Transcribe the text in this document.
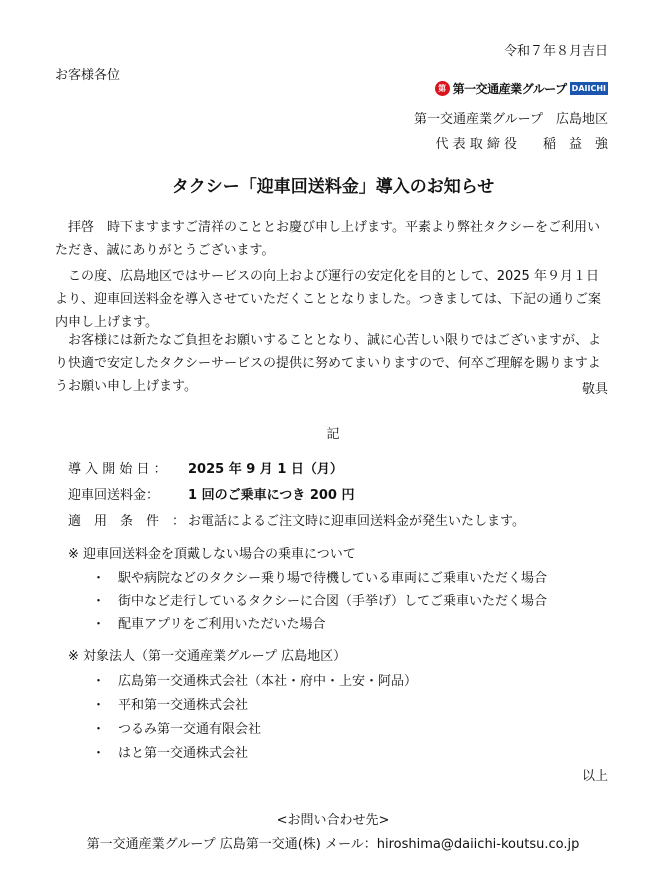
令和７年８月吉日
お客様各位
第 第一交通産業グループ DAIICHI
第一交通産業グループ　広島地区
代 表 取 締 役　　稲　益　強
タクシー「迎車回送料金」導入のお知らせ
　拝啓　時下ますますご清祥のこととお慶び申し上げます。平素より弊社タクシーをご利用いただき、誠にありがとうございます。
　この度、広島地区ではサービスの向上および運行の安定化を目的として、2025 年９月１日より、迎車回送料金を導入させていただくこととなりました。つきましては、下記の通りご案内申し上げます。
　お客様には新たなご負担をお願いすることとなり、誠に心苦しい限りではございますが、より快適で安定したタクシーサービスの提供に努めてまいりますので、何卒ご理解を賜りますようお願い申し上げます。	敬具
記
導 入 開 始 日 ： 2025 年 9 月 1 日（月）
迎車回送料金： 1 回のご乗車につき 200 円
適　用　条　件　： お電話によるご注文時に迎車回送料金が発生いたします。
※ 迎車回送料金を頂戴しない場合の乗車について
・　駅や病院などのタクシー乗り場で待機している車両にご乗車いただく場合
・　街中など走行しているタクシーに合図（手挙げ）してご乗車いただく場合
・　配車アプリをご利用いただいた場合
※ 対象法人（第一交通産業グループ 広島地区）
・　広島第一交通株式会社（本社・府中・上安・阿品）
・　平和第一交通株式会社
・　つるみ第一交通有限会社
・　はと第一交通株式会社
以上
<お問い合わせ先>
第一交通産業グループ 広島第一交通(株) メール：hiroshima@daiichi-koutsu.co.jp
